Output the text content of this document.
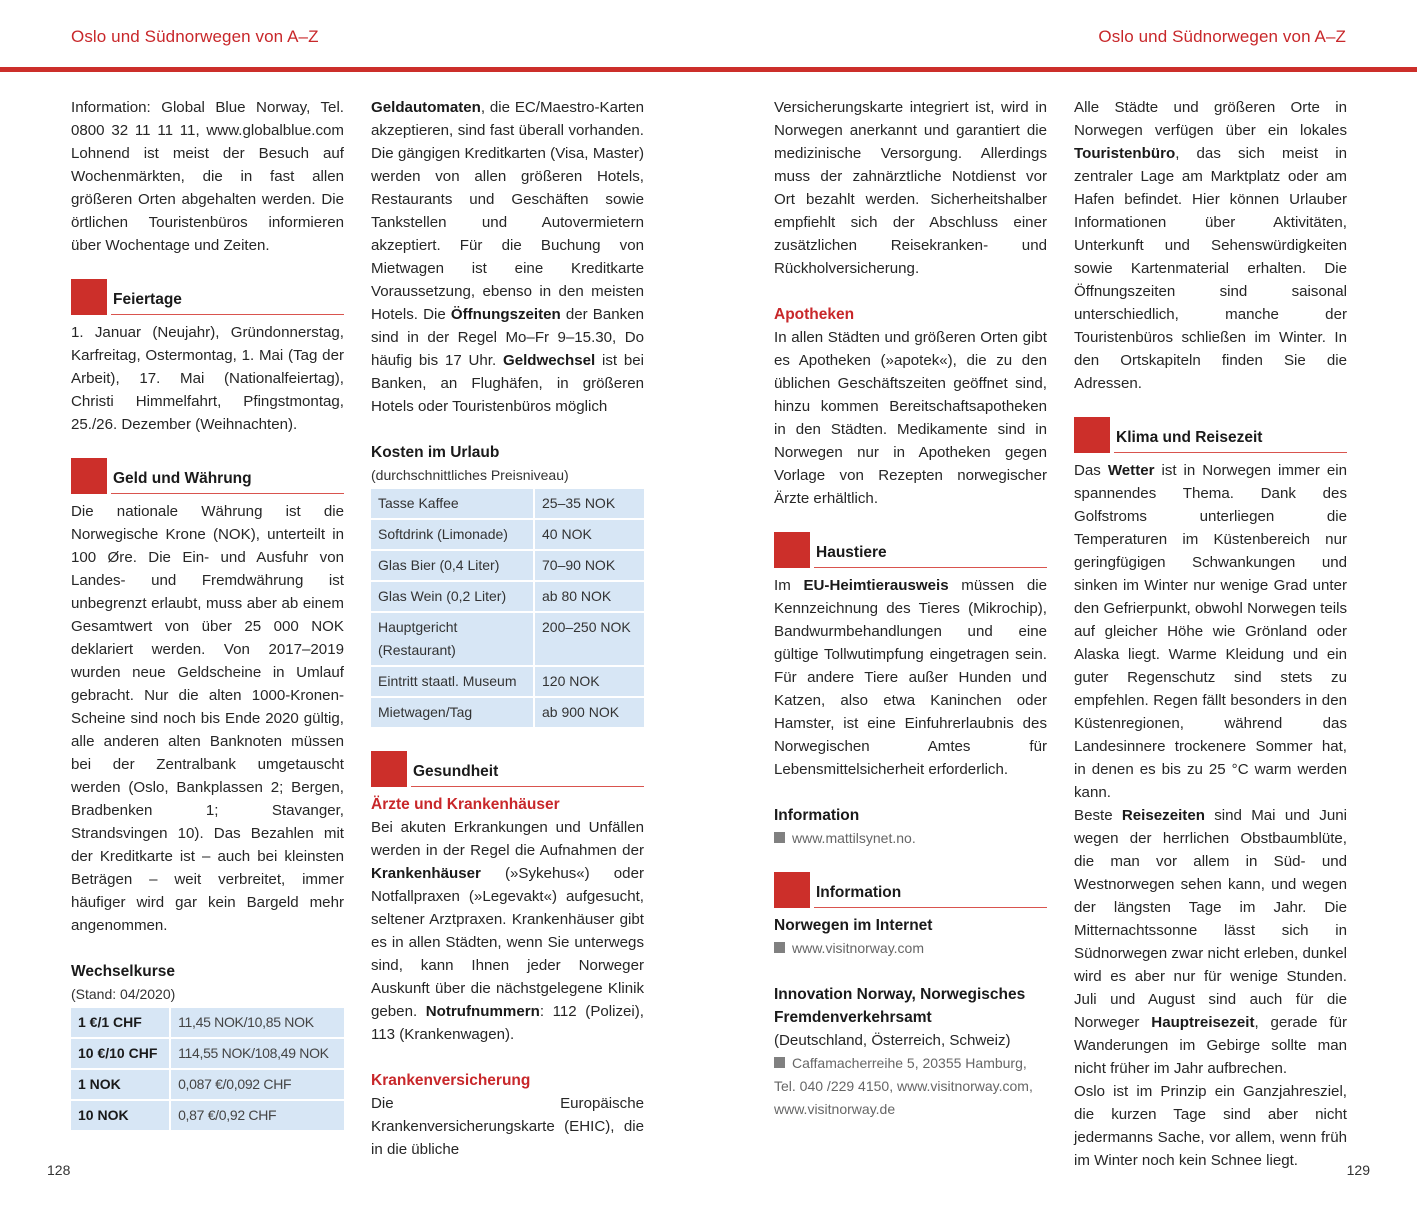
Oslo und Südnorwegen von A–Z	Oslo und Südnorwegen von A–Z

Information: Global Blue Norway, Tel. 0800 32 11 11 11, www.globalblue.com Lohnend ist meist der Besuch auf Wochenmärkten, die in fast allen größeren Orten abgehalten werden. Die örtlichen Touristenbüros informieren über Wochentage und Zeiten.

Feiertage

1. Januar (Neujahr), Gründonnerstag, Karfreitag, Ostermontag, 1. Mai (Tag der Arbeit), 17. Mai (Nationalfeiertag), Christi Himmelfahrt, Pfingstmontag, 25./26. Dezember (Weihnachten).

Geld und Währung

Die nationale Währung ist die Norwegische Krone (NOK), unterteilt in 100 Øre. Die Ein- und Ausfuhr von Landes- und Fremdwährung ist unbegrenzt erlaubt, muss aber ab einem Gesamtwert von über 25 000 NOK deklariert werden. Von 2017–2019 wurden neue Geldscheine in Umlauf gebracht. Nur die alten 1000-Kronen-Scheine sind noch bis Ende 2020 gültig, alle anderen alten Banknoten müssen bei der Zentralbank umgetauscht werden (Oslo, Bankplassen 2; Bergen, Bradbenken 1; Stavanger, Strandsvingen 10). Das Bezahlen mit der Kreditkarte ist – auch bei kleinsten Beträgen – weit verbreitet, immer häufiger wird gar kein Bargeld mehr angenommen.

Wechselkurse
(Stand: 04/2020)
1 €/1 CHF	11,45 NOK/10,85 NOK
10 €/10 CHF	114,55 NOK/108,49 NOK
1 NOK	0,087 €/0,092 CHF
10 NOK	0,87 €/0,92 CHF

Geldautomaten, die EC/Maestro-Karten akzeptieren, sind fast überall vorhanden. Die gängigen Kreditkarten (Visa, Master) werden von allen größeren Hotels, Restaurants und Geschäften sowie Tankstellen und Autovermietern akzeptiert. Für die Buchung von Mietwagen ist eine Kreditkarte Voraussetzung, ebenso in den meisten Hotels. Die Öffnungszeiten der Banken sind in der Regel Mo–Fr 9–15.30, Do häufig bis 17 Uhr. Geldwechsel ist bei Banken, an Flughäfen, in größeren Hotels oder Touristenbüros möglich

Kosten im Urlaub
(durchschnittliches Preisniveau)
Tasse Kaffee	25–35 NOK
Softdrink (Limonade)	40 NOK
Glas Bier (0,4 Liter)	70–90 NOK
Glas Wein (0,2 Liter)	ab 80 NOK
Hauptgericht (Restaurant)	200–250 NOK
Eintritt staatl. Museum	120 NOK
Mietwagen/Tag	ab 900 NOK
Gesundheit

Ärzte und Krankenhäuser

Bei akuten Erkrankungen und Unfällen werden in der Regel die Aufnahmen der Krankenhäuser (»Sykehus«) oder Notfallpraxen (»Legevakt«) aufgesucht, seltener Arztpraxen. Krankenhäuser gibt es in allen Städten, wenn Sie unterwegs sind, kann Ihnen jeder Norweger Auskunft über die nächstgelegene Klinik geben. Notrufnummern: 112 (Polizei), 113 (Krankenwagen).

Krankenversicherung

Die Europäische Krankenversicherungskarte (EHIC), die in die übliche

Versicherungskarte integriert ist, wird in Norwegen anerkannt und garantiert die medizinische Versorgung. Allerdings muss der zahnärztliche Notdienst vor Ort bezahlt werden. Sicherheitshalber empfiehlt sich der Abschluss einer zusätzlichen Reisekranken- und Rückholversicherung.

Apotheken

In allen Städten und größeren Orten gibt es Apotheken (»apotek«), die zu den üblichen Geschäftszeiten geöffnet sind, hinzu kommen Bereitschaftsapotheken in den Städten. Medikamente sind in Norwegen nur in Apotheken gegen Vorlage von Rezepten norwegischer Ärzte erhältlich.

Haustiere

Im EU-Heimtierausweis müssen die Kennzeichnung des Tieres (Mikrochip), Bandwurmbehandlungen und eine gültige Tollwutimpfung eingetragen sein. Für andere Tiere außer Hunden und Katzen, also etwa Kaninchen oder Hamster, ist eine Einfuhrerlaubnis des Norwegischen Amtes für Lebensmittelsicherheit erforderlich.

Information
www.mattilsynet.no.
Information
Norwegen im Internet
www.visitnorway.com
Innovation Norway, Norwegisches Fremdenverkehrsamt
(Deutschland, Österreich, Schweiz)
Caffamacherreihe 5, 20355 Hamburg, Tel. 040 /229 4150, www.visitnorway.com, www.visitnorway.de

Alle Städte und größeren Orte in Norwegen verfügen über ein lokales Touristenbüro, das sich meist in zentraler Lage am Marktplatz oder am Hafen befindet. Hier können Urlauber Informationen über Aktivitäten, Unterkunft und Sehenswürdigkeiten sowie Kartenmaterial erhalten. Die Öffnungszeiten sind saisonal unterschiedlich, manche der Touristenbüros schließen im Winter. In den Ortskapiteln finden Sie die Adressen.

Klima und Reisezeit

Das Wetter ist in Norwegen immer ein spannendes Thema. Dank des Golfstroms unterliegen die Temperaturen im Küstenbereich nur geringfügigen Schwankungen und sinken im Winter nur wenige Grad unter den Gefrierpunkt, obwohl Norwegen teils auf gleicher Höhe wie Grönland oder Alaska liegt. Warme Kleidung und ein guter Regenschutz sind stets zu empfehlen. Regen fällt besonders in den Küstenregionen, während das Landesinnere trockenere Sommer hat, in denen es bis zu 25 °C warm werden kann.

Beste Reisezeiten sind Mai und Juni wegen der herrlichen Obstbaumblüte, die man vor allem in Süd- und Westnorwegen sehen kann, und wegen der längsten Tage im Jahr. Die Mitternachtssonne lässt sich in Südnorwegen zwar nicht erleben, dunkel wird es aber nur für wenige Stunden. Juli und August sind auch für die Norweger Hauptreisezeit, gerade für Wanderungen im Gebirge sollte man nicht früher im Jahr aufbrechen.

Oslo ist im Prinzip ein Ganzjahresziel, die kurzen Tage sind aber nicht jedermanns Sache, vor allem, wenn früh im Winter noch kein Schnee liegt.

128	129
